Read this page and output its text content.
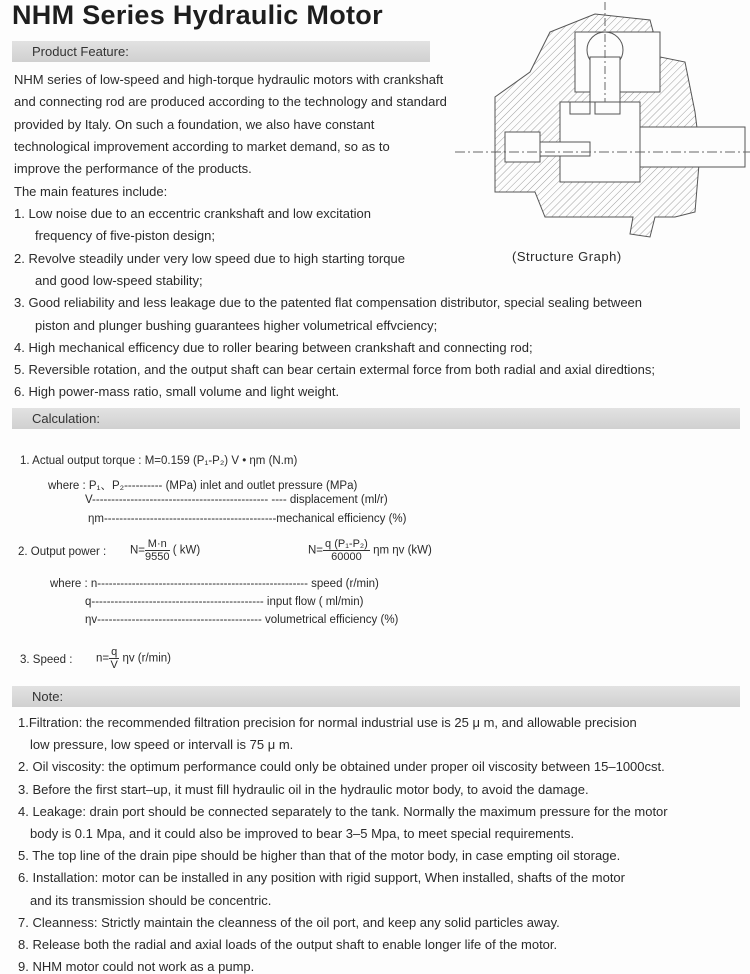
NHM Series Hydraulic Motor
Product Feature:
NHM series of low-speed and high-torque hydraulic motors with crankshaft
and connecting rod are produced according to the technology and standard
provided by Italy. On such a foundation, we also have constant
technological improvement according to market demand, so as to
improve the performance of the products.
The main features include:
1. Low noise due to an eccentric crankshaft and low excitation
frequency of five-piston design;
2. Revolve steadily under very low speed due to high starting torque
and good low-speed stability;
3. Good reliability and less leakage due to the patented flat compensation distributor, special sealing between
piston and plunger bushing guarantees higher volumetrical effvciency;
4. High mechanical efficency due to roller bearing between crankshaft and connecting rod;
5. Reversible rotation, and the output shaft can bear certain extermal force from both radial and axial diredtions;
6. High power-mass ratio, small volume and light weight.
(Structure Graph)
Calculation:
1. Actual output torque : M=0.159 (P₁-P₂) V • ηm (N.m)
where : P₁、P₂---------- (MPa) inlet and outlet pressure (MPa)
V---------------------------------------------- ---- displacement (ml/r)
ηm---------------------------------------------mechanical efficiency (%)
2. Output power : $N= \frac{M\cdot n}{9550}$ ( kW)	$N= \frac{\text{q (P₁-P₂)}}{60000}$ ηm ηv (kW)
where : n------------------------------------------------------- speed (r/min)
q--------------------------------------------- input flow ( ml/min)
ηv------------------------------------------- volumetrical efficiency (%)
3. Speed : $n= \frac{q}{V}$ ηv (r/min)
Note:
1.Filtration: the recommended filtration precision for normal industrial use is 25 μ m, and allowable precision
low pressure, low speed or intervall is 75 μ m.
2. Oil viscosity: the optimum performance could only be obtained under proper oil viscosity between 15–1000cst.
3. Before the first start–up, it must fill hydraulic oil in the hydraulic motor body, to avoid the damage.
4. Leakage: drain port should be connected separately to the tank. Normally the maximum pressure for the motor
body is 0.1 Mpa, and it could also be improved to bear 3–5 Mpa, to meet special requirements.
5. The top line of the drain pipe should be higher than that of the motor body, in case empting oil storage.
6. Installation: motor can be installed in any position with rigid support, When installed, shafts of the motor
and its transmission should be concentric.
7. Cleanness: Strictly maintain the cleanness of the oil port, and keep any solid particles away.
8. Release both the radial and axial loads of the output shaft to enable longer life of the motor.
9. NHM motor could not work as a pump.
